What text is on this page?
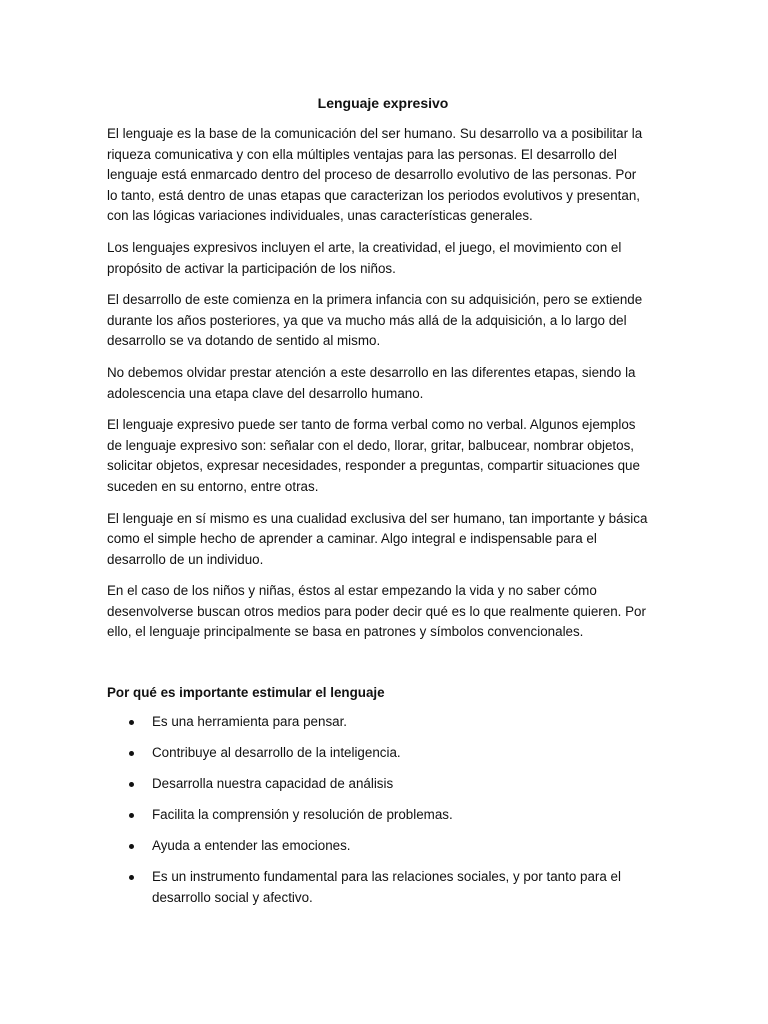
Lenguaje expresivo
El lenguaje es la base de la comunicación del ser humano. Su desarrollo va a posibilitar la
riqueza comunicativa y con ella múltiples ventajas para las personas. El desarrollo del
lenguaje está enmarcado dentro del proceso de desarrollo evolutivo de las personas. Por
lo tanto, está dentro de unas etapas que caracterizan los periodos evolutivos y presentan,
con las lógicas variaciones individuales, unas características generales.
Los lenguajes expresivos incluyen el arte, la creatividad, el juego, el movimiento con el
propósito de activar la participación de los niños.
El desarrollo de este comienza en la primera infancia con su adquisición, pero se extiende
durante los años posteriores, ya que va mucho más allá de la adquisición, a lo largo del
desarrollo se va dotando de sentido al mismo.
No debemos olvidar prestar atención a este desarrollo en las diferentes etapas, siendo la
adolescencia una etapa clave del desarrollo humano.
El lenguaje expresivo puede ser tanto de forma verbal como no verbal. Algunos ejemplos
de lenguaje expresivo son: señalar con el dedo, llorar, gritar, balbucear, nombrar objetos,
solicitar objetos, expresar necesidades, responder a preguntas, compartir situaciones que
suceden en su entorno, entre otras.
El lenguaje en sí mismo es una cualidad exclusiva del ser humano, tan importante y básica
como el simple hecho de aprender a caminar. Algo integral e indispensable para el
desarrollo de un individuo.
En el caso de los niños y niñas, éstos al estar empezando la vida y no saber cómo
desenvolverse buscan otros medios para poder decir qué es lo que realmente quieren. Por
ello, el lenguaje principalmente se basa en patrones y símbolos convencionales.
Por qué es importante estimular el lenguaje
Es una herramienta para pensar.
Contribuye al desarrollo de la inteligencia.
Desarrolla nuestra capacidad de análisis
Facilita la comprensión y resolución de problemas.
Ayuda a entender las emociones.
Es un instrumento fundamental para las relaciones sociales, y por tanto para el
desarrollo social y afectivo.
